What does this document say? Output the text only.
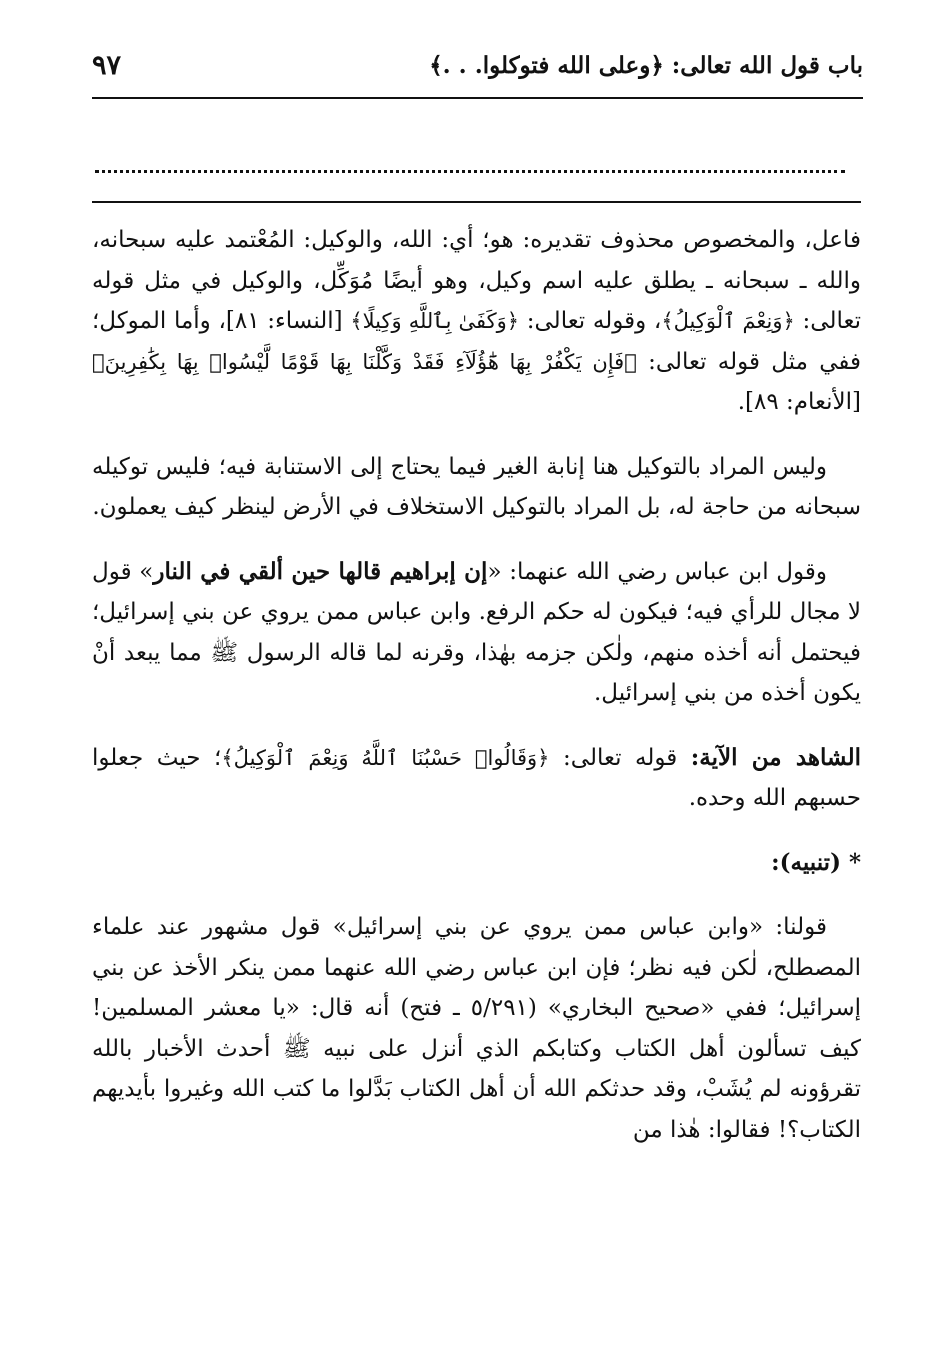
باب قول الله تعالى: ﴿وعلى الله فتوكلوا. . .﴾
٩٧

فاعل، والمخصوص محذوف تقديره: هو؛ أي: الله، والوكيل: المُعْتمد عليه سبحانه، والله ـ سبحانه ـ يطلق عليه اسم وكيل، وهو أيضًا مُوَكِّل، والوكيل في مثل قوله تعالى: ﴿وَنِعْمَ ٱلْوَكِيلُ﴾، وقوله تعالى: ﴿وَكَفَىٰ بِٱللَّهِ وَكِيلًا﴾ [النساء: ٨١]، وأما الموكل؛ ففي مثل قوله تعالى: ﴿فَإِن يَكْفُرْ بِهَا هَٰٓؤُلَآءِ فَقَدْ وَكَّلْنَا بِهَا قَوْمًا لَّيْسُوا۟ بِهَا بِكَٰفِرِينَ﴾ [الأنعام: ٨٩].

وليس المراد بالتوكيل هنا إنابة الغير فيما يحتاج إلى الاستنابة فيه؛ فليس توكيله سبحانه من حاجة له، بل المراد بالتوكيل الاستخلاف في الأرض لينظر كيف يعملون.

وقول ابن عباس رضي الله عنهما: «إن إبراهيم قالها حين ألقي في النار» قول لا مجال للرأي فيه؛ فيكون له حكم الرفع. وابن عباس ممن يروي عن بني إسرائيل؛ فيحتمل أنه أخذه منهم، ولٰكن جزمه بهٰذا، وقرنه لما قاله الرسول ﷺ مما يبعد أنْ يكون أخذه من بني إسرائيل.

الشاهد من الآية: قوله تعالى: ﴿وَقَالُوا۟ حَسْبُنَا ٱللَّهُ وَنِعْمَ ٱلْوَكِيلُ﴾؛ حيث جعلوا حسبهم الله وحده.

* (تنبيه):

قولنا: «وابن عباس ممن يروي عن بني إسرائيل» قول مشهور عند علماء المصطلح، لٰكن فيه نظر؛ فإن ابن عباس رضي الله عنهما ممن ينكر الأخذ عن بني إسرائيل؛ ففي «صحيح البخاري» (٥/٢٩١ ـ فتح) أنه قال: «يا معشر المسلمين! كيف تسألون أهل الكتاب وكتابكم الذي أنزل على نبيه ﷺ أحدث الأخبار بالله تقرؤونه لم يُشَبْ، وقد حدثكم الله أن أهل الكتاب بَدَّلوا ما كتب الله وغيروا بأيديهم الكتاب؟! فقالوا: هٰذا من
